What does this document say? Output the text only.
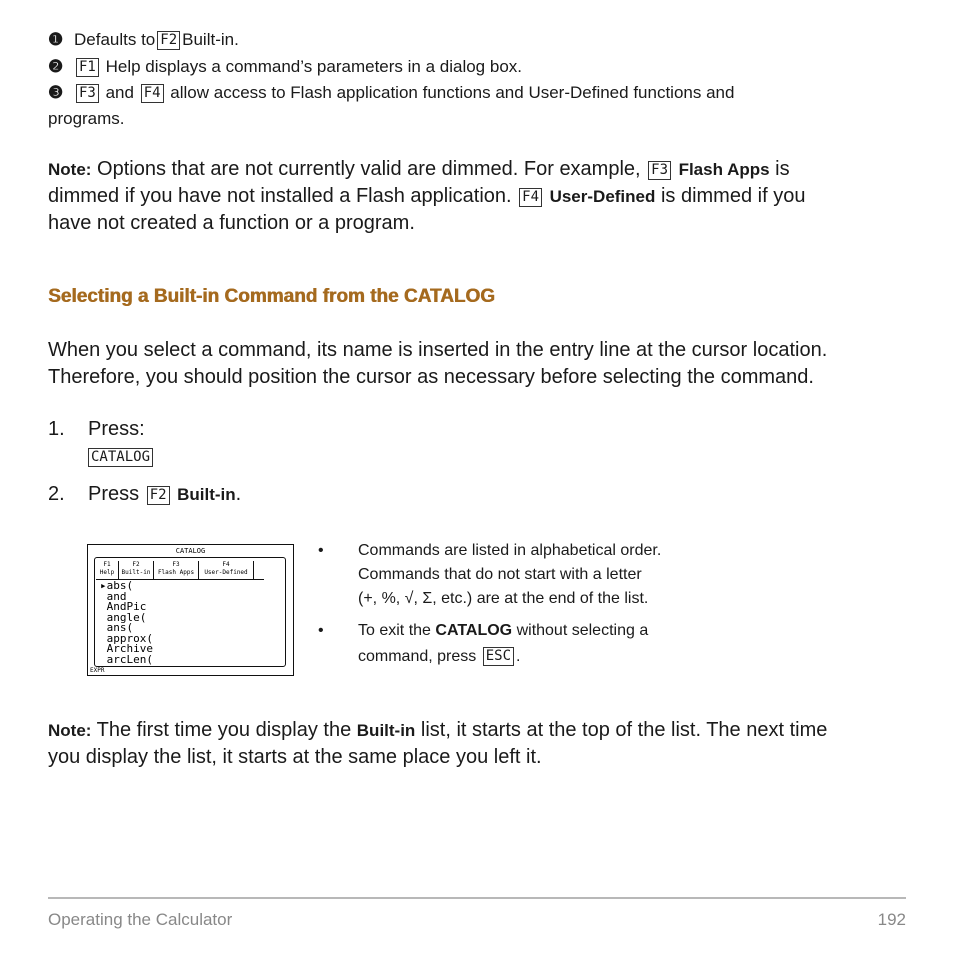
❶ Defaults to F2 Built-in.
❷ F1 Help displays a command’s parameters in a dialog box.
❸ F3 and F4 allow access to Flash application functions and User-Defined functions and
programs.
Note: Options that are not currently valid are dimmed. For example, F3 Flash Apps is
dimmed if you have not installed a Flash application. F4 User-Defined is dimmed if you
have not created a function or a program.
Selecting a Built-in Command from the CATALOG
When you select a command, its name is inserted in the entry line at the cursor location.
Therefore, you should position the cursor as necessary before selecting the command.
1. Press:
CATALOG
2. Press F2 Built-in.
CATALOG
F1
Help
F2
Built-in
F3
Flash Apps
F4
User-Defined
▸abs(
and
AndPic
angle(
ans(
approx(
Archive
arcLen(
EXPR
• Commands are listed in alphabetical order.
Commands that do not start with a letter
(+, %, √, Σ, etc.) are at the end of the list.
• To exit the CATALOG without selecting a
command, press ESC .
Note: The first time you display the Built-in list, it starts at the top of the list. The next time
you display the list, it starts at the same place you left it.
Operating the Calculator	192
